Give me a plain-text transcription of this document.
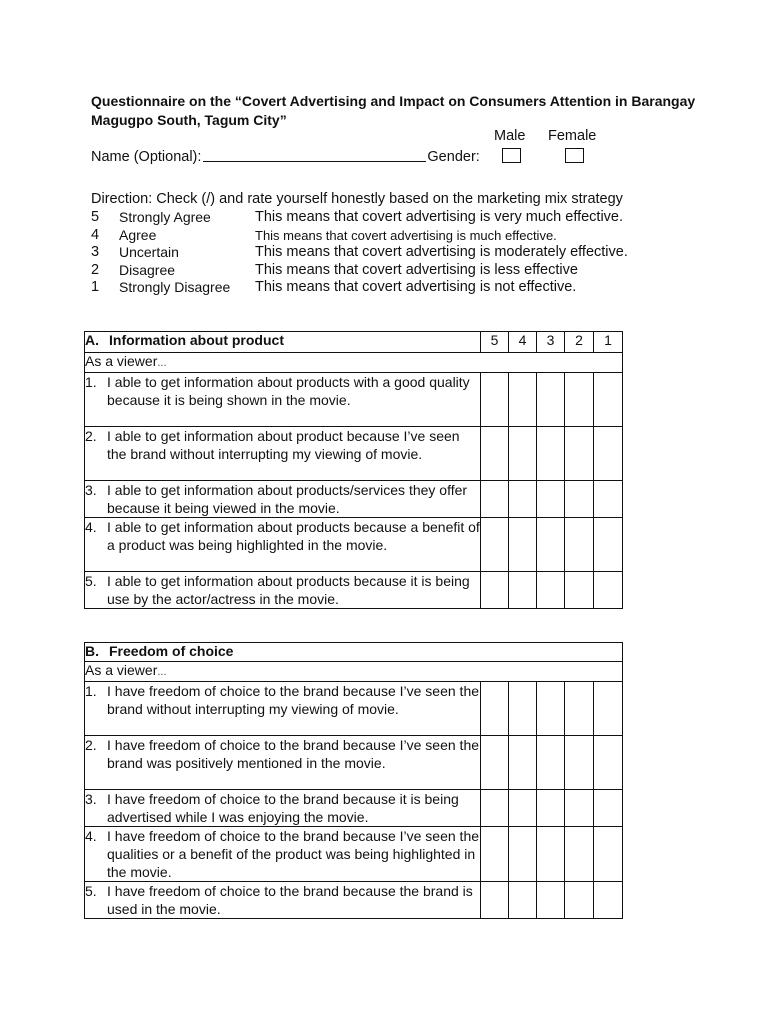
Questionnaire on the “Covert Advertising and Impact on Consumers Attention in Barangay Magugpo South, Tagum City”
Male Female
Name (Optional):	Gender:
Direction: Check (/) and rate yourself honestly based on the marketing mix strategy
5 Strongly Agree	This means that covert advertising is very much effective.
4 Agree	This means that covert advertising is much effective.
3 Uncertain	This means that covert advertising is moderately effective.
2 Disagree	This means that covert advertising is less effective
1 Strongly Disagree This means that covert advertising is not effective.
A. Information about product	5	4	3	2	1
As a viewer...					

1. I able to get information about products with a good quality because it is being shown in the movie.					

2. I able to get information about product because I’ve seen the brand without interrupting my viewing of movie.					

3. I able to get information about products/services they offer because it being viewed in the movie.					

4. I able to get information about products because a benefit of a product was being highlighted in the movie.					

5. I able to get information about products because it is being use by the actor/actress in the movie.					

B. Freedom of choice					
As a viewer...					

1. I have freedom of choice to the brand because I’ve seen the brand without interrupting my viewing of movie.					

2. I have freedom of choice to the brand because I’ve seen the brand was positively mentioned in the movie.					

3. I have freedom of choice to the brand because it is being advertised while I was enjoying the movie.					

4. I have freedom of choice to the brand because I’ve seen the qualities or a benefit of the product was being highlighted in the movie.					

5. I have freedom of choice to the brand because the brand is used in the movie.					
